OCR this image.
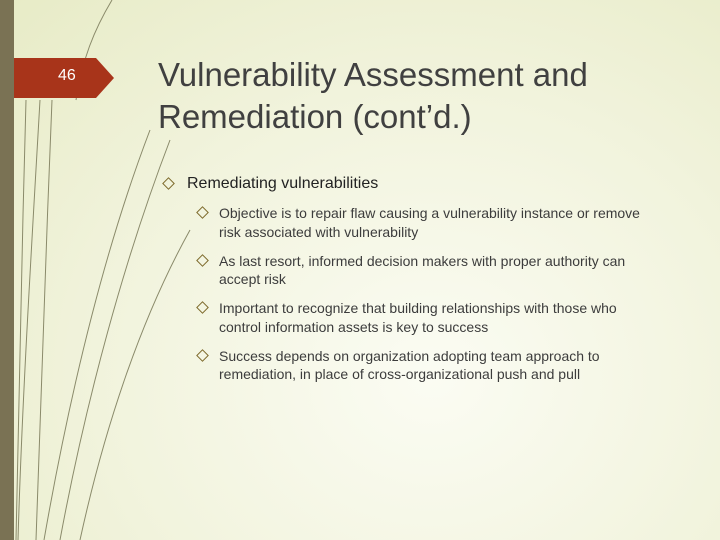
46 Vulnerability Assessment and Remediation (cont’d.)
Remediating vulnerabilities
Objective is to repair flaw causing a vulnerability instance or remove risk associated with vulnerability
As last resort, informed decision makers with proper authority can accept risk
Important to recognize that building relationships with those who control information assets is key to success
Success depends on organization adopting team approach to remediation, in place of cross-organizational push and pull
